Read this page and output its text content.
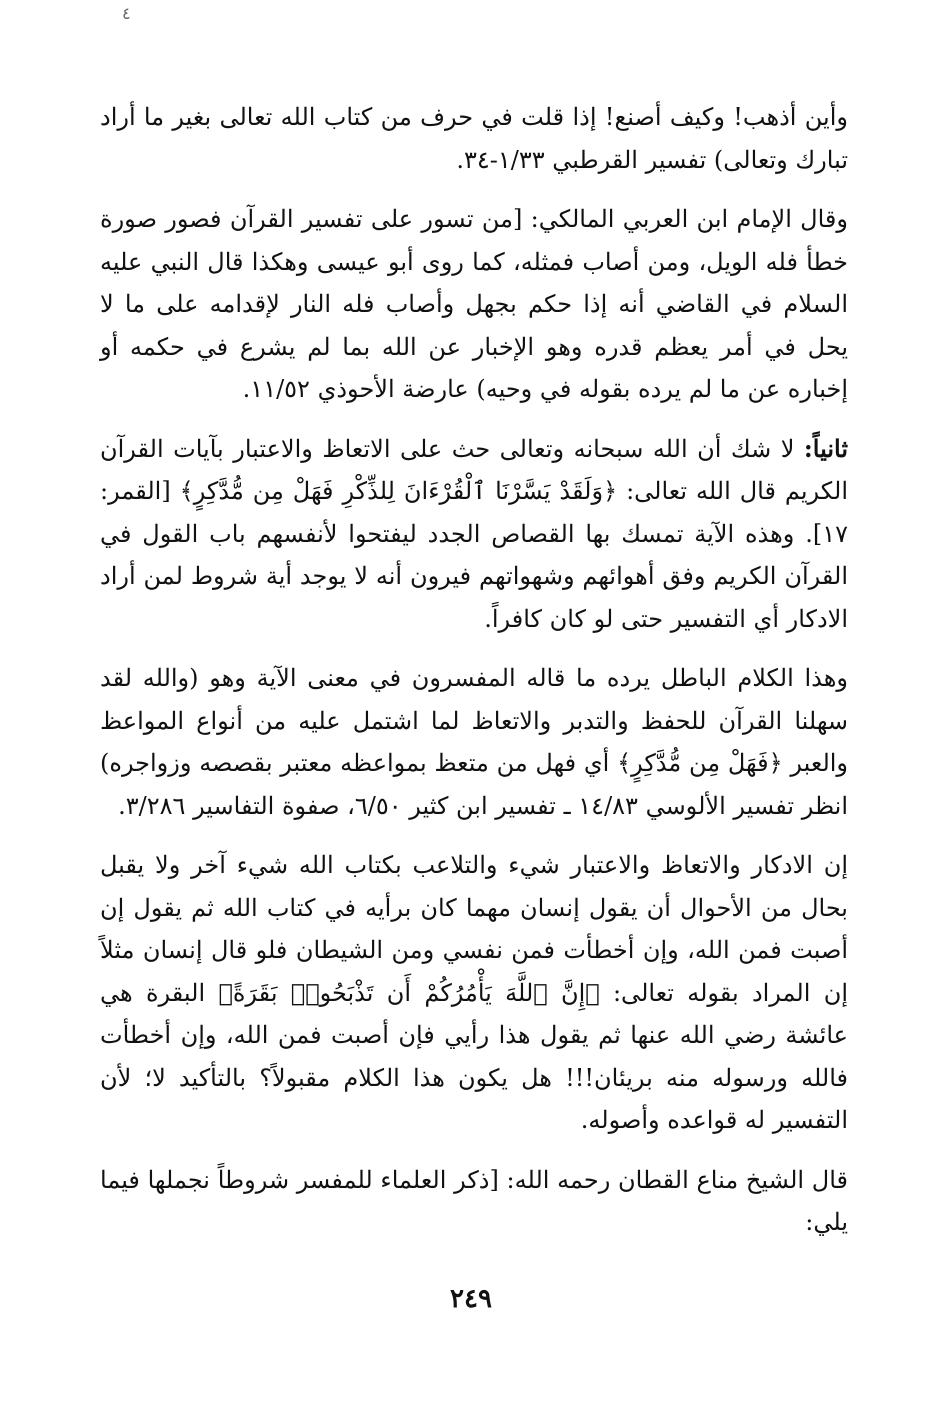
٤

وأين أذهب! وكيف أصنع! إذا قلت في حرف من كتاب الله تعالى بغير ما أراد تبارك وتعالى) تفسير القرطبي ١/٣٣-٣٤.

وقال الإمام ابن العربي المالكي: [من تسور على تفسير القرآن فصور صورة خطأ فله الويل، ومن أصاب فمثله، كما روى أبو عيسى وهكذا قال النبي عليه السلام في القاضي أنه إذا حكم بجهل وأصاب فله النار لإقدامه على ما لا يحل في أمر يعظم قدره وهو الإخبار عن الله بما لم يشرع في حكمه أو إخباره عن ما لم يرده بقوله في وحيه) عارضة الأحوذي ١١/٥٢.

ثانياً: لا شك أن الله سبحانه وتعالى حث على الاتعاظ والاعتبار بآيات القرآن الكريم قال الله تعالى: ﴿وَلَقَدْ يَسَّرْنَا ٱلْقُرْءَانَ لِلذِّكْرِ فَهَلْ مِن مُّدَّكِرٍ﴾ [القمر: ١٧]. وهذه الآية تمسك بها القصاص الجدد ليفتحوا لأنفسهم باب القول في القرآن الكريم وفق أهوائهم وشهواتهم فيرون أنه لا يوجد أية شروط لمن أراد الادكار أي التفسير حتى لو كان كافراً.

وهذا الكلام الباطل يرده ما قاله المفسرون في معنى الآية وهو (والله لقد سهلنا القرآن للحفظ والتدبر والاتعاظ لما اشتمل عليه من أنواع المواعظ والعبر ﴿فَهَلْ مِن مُّدَّكِرٍ﴾ أي فهل من متعظ بمواعظه معتبر بقصصه وزواجره) انظر تفسير الألوسي ١٤/٨٣ ـ تفسير ابن كثير ٦/٥٠، صفوة التفاسير ٣/٢٨٦.

إن الادكار والاتعاظ والاعتبار شيء والتلاعب بكتاب الله شيء آخر ولا يقبل بحال من الأحوال أن يقول إنسان مهما كان برأيه في كتاب الله ثم يقول إن أصبت فمن الله، وإن أخطأت فمن نفسي ومن الشيطان فلو قال إنسان مثلاً إن المراد بقوله تعالى: ﴿إِنَّ ٱللَّهَ يَأْمُرُكُمْ أَن تَذْبَحُوا۟ بَقَرَةً﴾ البقرة هي عائشة رضي الله عنها ثم يقول هذا رأيي فإن أصبت فمن الله، وإن أخطأت فالله ورسوله منه بريئان!!! هل يكون هذا الكلام مقبولاً؟ بالتأكيد لا؛ لأن التفسير له قواعده وأصوله.

قال الشيخ مناع القطان رحمه الله: [ذكر العلماء للمفسر شروطاً نجملها فيما يلي:

٢٤٩
